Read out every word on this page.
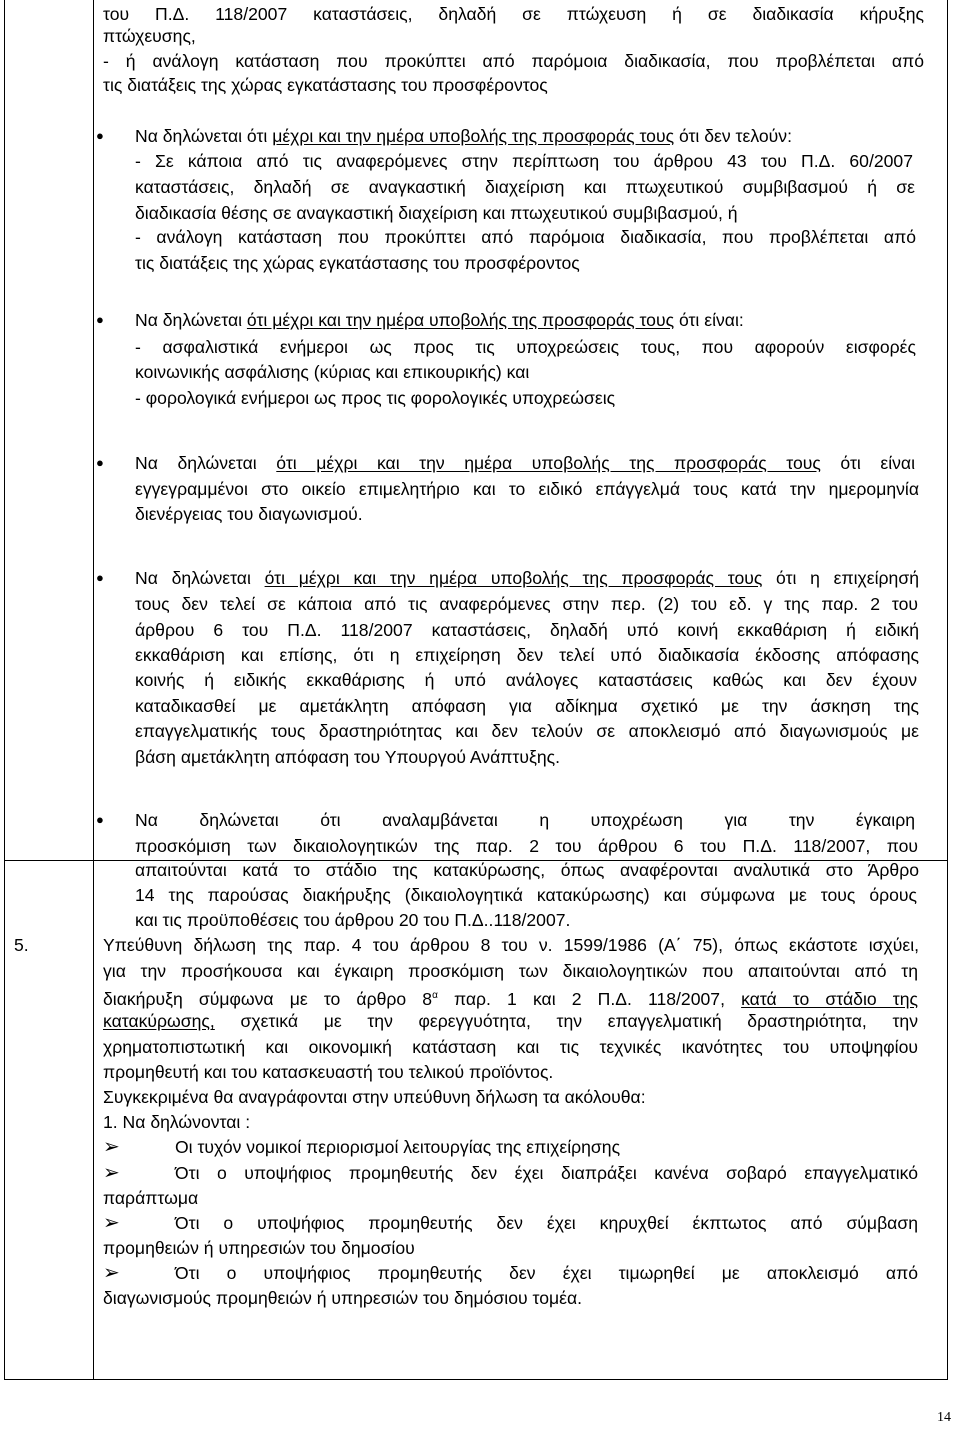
του Π.Δ. 118/2007 καταστάσεις, δηλαδή σε πτώχευση ή σε διαδικασία κήρυξης
πτώχευσης,
- ή ανάλογη κατάσταση που προκύπτει από παρόμοια διαδικασία, που προβλέπεται από
τις διατάξεις της χώρας εγκατάστασης του προσφέροντος
● Να δηλώνεται ότι μέχρι και την ημέρα υποβολής της προσφοράς τους ότι δεν τελούν:
- Σε κάποια από τις αναφερόμενες στην περίπτωση του άρθρου 43 του Π.Δ. 60/2007
καταστάσεις, δηλαδή σε αναγκαστική διαχείριση και πτωχευτικού συμβιβασμού ή σε
διαδικασία θέσης σε αναγκαστική διαχείριση και πτωχευτικού συμβιβασμού, ή
- ανάλογη κατάσταση που προκύπτει από παρόμοια διαδικασία, που προβλέπεται από
τις διατάξεις της χώρας εγκατάστασης του προσφέροντος
● Να δηλώνεται ότι μέχρι και την ημέρα υποβολής της προσφοράς τους ότι είναι:
- ασφαλιστικά ενήμεροι ως προς τις υποχρεώσεις τους, που αφορούν εισφορές
κοινωνικής ασφάλισης (κύριας και επικουρικής) και
- φορολογικά ενήμεροι ως προς τις φορολογικές υποχρεώσεις
● Να δηλώνεται ότι μέχρι και την ημέρα υποβολής της προσφοράς τους ότι είναι
εγγεγραμμένοι στο οικείο επιμελητήριο και το ειδικό επάγγελμά τους κατά την ημερομηνία
διενέργειας του διαγωνισμού.
● Να δηλώνεται ότι μέχρι και την ημέρα υποβολής της προσφοράς τους ότι η επιχείρησή
τους δεν τελεί σε κάποια από τις αναφερόμενες στην περ. (2) του εδ. γ της παρ. 2 του
άρθρου 6 του Π.Δ. 118/2007 καταστάσεις, δηλαδή υπό κοινή εκκαθάριση ή ειδική
εκκαθάριση και επίσης, ότι η επιχείρηση δεν τελεί υπό διαδικασία έκδοσης απόφασης
κοινής ή ειδικής εκκαθάρισης ή υπό ανάλογες καταστάσεις καθώς και δεν έχουν
καταδικασθεί με αμετάκλητη απόφαση για αδίκημα σχετικό με την άσκηση της
επαγγελματικής τους δραστηριότητας και δεν τελούν σε αποκλεισμό από διαγωνισμούς με
βάση αμετάκλητη απόφαση του Υπουργού Ανάπτυξης.
● Να δηλώνεται ότι αναλαμβάνεται η υποχρέωση για την έγκαιρη
προσκόμιση των δικαιολογητικών της παρ. 2 του άρθρου 6 του Π.Δ. 118/2007, που
απαιτούνται κατά το στάδιο της κατακύρωσης, όπως αναφέρονται αναλυτικά στο Άρθρο
14 της παρούσας διακήρυξης (δικαιολογητικά κατακύρωσης) και σύμφωνα με τους όρους
και τις προϋποθέσεις του άρθρου 20 του Π.Δ..118/2007.
5.	Υπεύθυνη δήλωση της παρ. 4 του άρθρου 8 του ν. 1599/1986 (Α΄ 75), όπως εκάστοτε ισχύει,
για την προσήκουσα και έγκαιρη προσκόμιση των δικαιολογητικών που απαιτούνται από τη
διακήρυξη σύμφωνα με το άρθρο $8^\alpha$ παρ. 1 και 2 Π.Δ. 118/2007, κατά το στάδιο της
κατακύρωσης, σχετικά με την φερεγγυότητα, την επαγγελματική δραστηριότητα, την
χρηματοπιστωτική και οικονομική κατάσταση και τις τεχνικές ικανότητες του υποψηφίου
προμηθευτή και του κατασκευαστή του τελικού προϊόντος.
Συγκεκριμένα θα αναγράφονται στην υπεύθυνη δήλωση τα ακόλουθα:
1. Να δηλώνονται :
➢	Οι τυχόν νομικοί περιορισμοί λειτουργίας της επιχείρησης
➢	Ότι ο υποψήφιος προμηθευτής δεν έχει διαπράξει κανένα σοβαρό επαγγελματικό
παράπτωμα
➢	Ότι ο υποψήφιος προμηθευτής δεν έχει κηρυχθεί έκπτωτος από σύμβαση
προμηθειών ή υπηρεσιών του δημοσίου
➢	Ότι ο υποψήφιος προμηθευτής δεν έχει τιμωρηθεί με αποκλεισμό από
διαγωνισμούς προμηθειών ή υπηρεσιών του δημόσιου τομέα.
14
